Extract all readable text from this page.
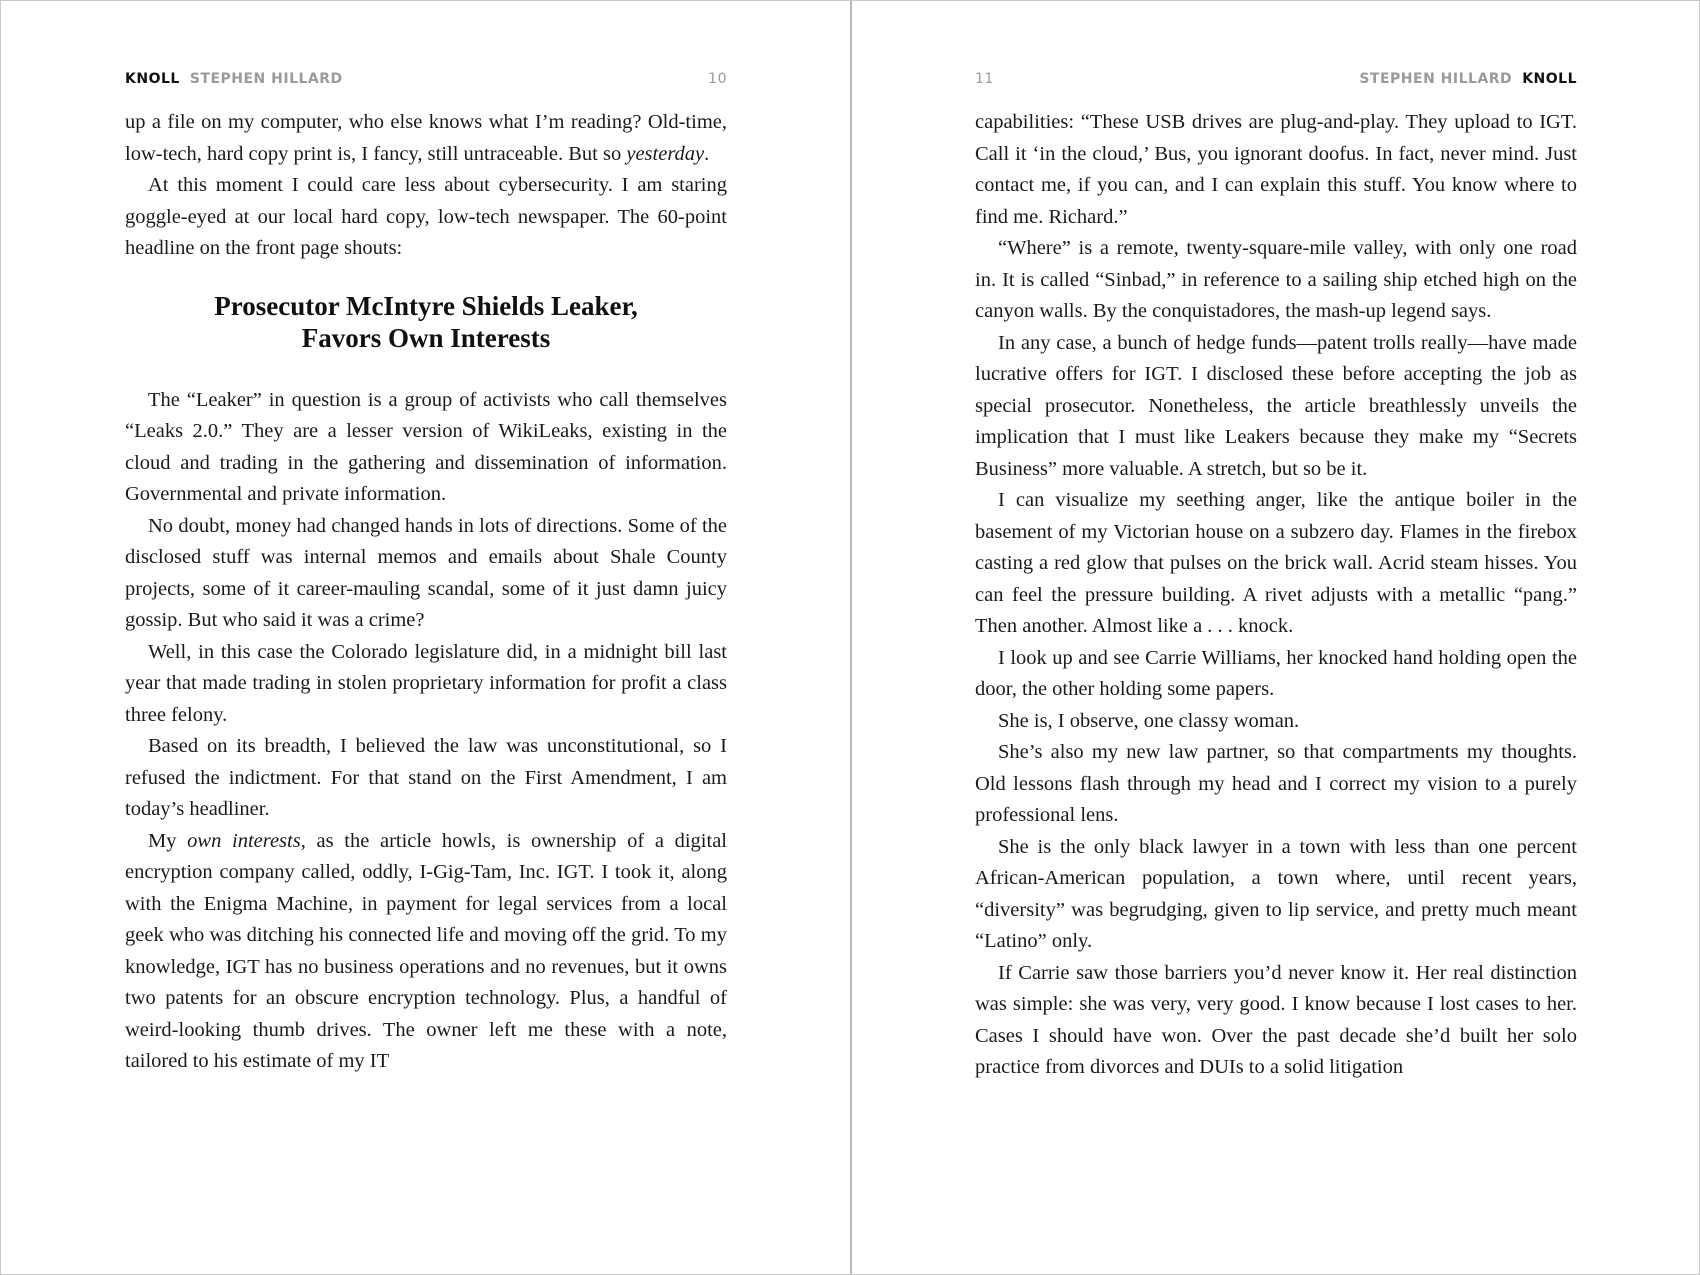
KNOLL STEPHEN HILLARD	10

up a file on my computer, who else knows what I’m reading? Old-time, low-tech, hard copy print is, I fancy, still untraceable. But so yesterday.

At this moment I could care less about cybersecurity. I am staring goggle-eyed at our local hard copy, low-tech newspaper. The 60-point headline on the front page shouts:

Prosecutor McIntyre Shields Leaker,
Favors Own Interests

The “Leaker” in question is a group of activists who call themselves “Leaks 2.0.” They are a lesser version of WikiLeaks, existing in the cloud and trading in the gathering and dissemination of information. Governmental and private information.

No doubt, money had changed hands in lots of directions. Some of the disclosed stuff was internal memos and emails about Shale County projects, some of it career-mauling scandal, some of it just damn juicy gossip. But who said it was a crime?

Well, in this case the Colorado legislature did, in a midnight bill last year that made trading in stolen proprietary information for profit a class three felony.

Based on its breadth, I believed the law was unconstitutional, so I refused the indictment. For that stand on the First Amendment, I am today’s headliner.

My own interests, as the article howls, is ownership of a digital encryption company called, oddly, I-Gig-Tam, Inc. IGT. I took it, along with the Enigma Machine, in payment for legal services from a local geek who was ditching his connected life and moving off the grid. To my knowledge, IGT has no business operations and no revenues, but it owns two patents for an obscure encryption technology. Plus, a handful of weird-looking thumb drives. The owner left me these with a note, tailored to his estimate of my IT

11	STEPHEN HILLARD KNOLL

capabilities: “These USB drives are plug-and-play. They upload to IGT. Call it ‘in the cloud,’ Bus, you ignorant doofus. In fact, never mind. Just contact me, if you can, and I can explain this stuff. You know where to find me. Richard.”

“Where” is a remote, twenty-square-mile valley, with only one road in. It is called “Sinbad,” in reference to a sailing ship etched high on the canyon walls. By the conquistadores, the mash-up legend says.

In any case, a bunch of hedge funds—patent trolls really—have made lucrative offers for IGT. I disclosed these before accepting the job as special prosecutor. Nonetheless, the article breathlessly unveils the implication that I must like Leakers because they make my “Secrets Business” more valuable. A stretch, but so be it.

I can visualize my seething anger, like the antique boiler in the basement of my Victorian house on a subzero day. Flames in the firebox casting a red glow that pulses on the brick wall. Acrid steam hisses. You can feel the pressure building. A rivet adjusts with a metallic “pang.” Then another. Almost like a . . . knock.

I look up and see Carrie Williams, her knocked hand holding open the door, the other holding some papers.

She is, I observe, one classy woman.

She’s also my new law partner, so that compartments my thoughts. Old lessons flash through my head and I correct my vision to a purely professional lens.

She is the only black lawyer in a town with less than one percent African-American population, a town where, until recent years, “diversity” was begrudging, given to lip service, and pretty much meant “Latino” only.

If Carrie saw those barriers you’d never know it. Her real distinction was simple: she was very, very good. I know because I lost cases to her. Cases I should have won. Over the past decade she’d built her solo practice from divorces and DUIs to a solid litigation
